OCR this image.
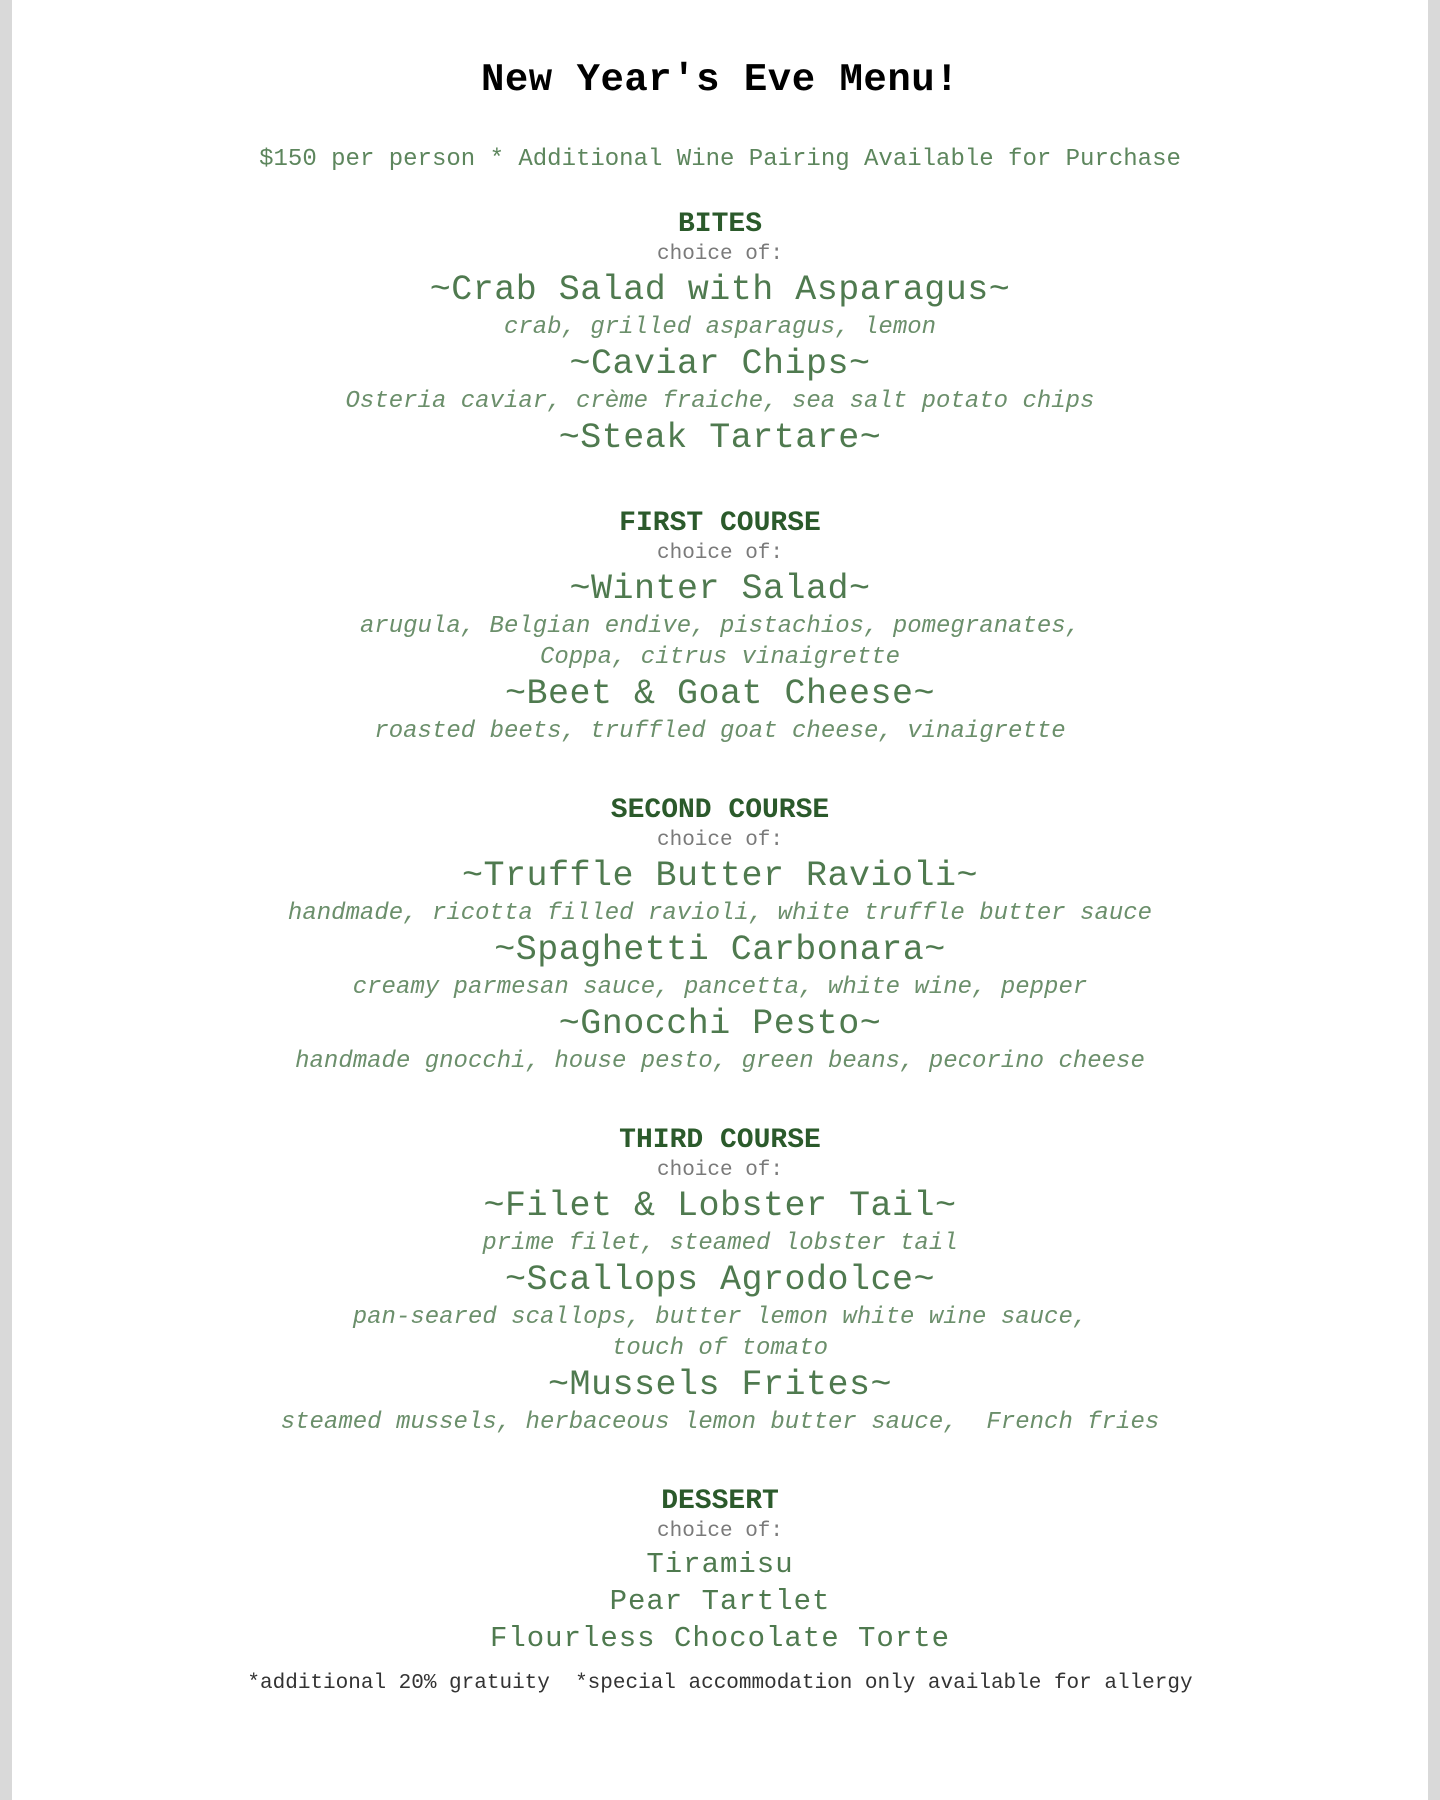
New Year's Eve Menu!
$150 per person * Additional Wine Pairing Available for Purchase
BITES
choice of:
~Crab Salad with Asparagus~
crab, grilled asparagus, lemon
~Caviar Chips~
Osteria caviar, crème fraiche, sea salt potato chips
~Steak Tartare~
FIRST COURSE
choice of:
~Winter Salad~
arugula, Belgian endive, pistachios, pomegranates,
Coppa, citrus vinaigrette
~Beet & Goat Cheese~
roasted beets, truffled goat cheese, vinaigrette
SECOND COURSE
choice of:
~Truffle Butter Ravioli~
handmade, ricotta filled ravioli, white truffle butter sauce
~Spaghetti Carbonara~
creamy parmesan sauce, pancetta, white wine, pepper
~Gnocchi Pesto~
handmade gnocchi, house pesto, green beans, pecorino cheese
THIRD COURSE
choice of:
~Filet & Lobster Tail~
prime filet, steamed lobster tail
~Scallops Agrodolce~
pan-seared scallops, butter lemon white wine sauce,
touch of tomato
~Mussels Frites~
steamed mussels, herbaceous lemon butter sauce,  French fries
DESSERT
choice of:
Tiramisu
Pear Tartlet
Flourless Chocolate Torte
*additional 20% gratuity  *special accommodation only available for allergy
